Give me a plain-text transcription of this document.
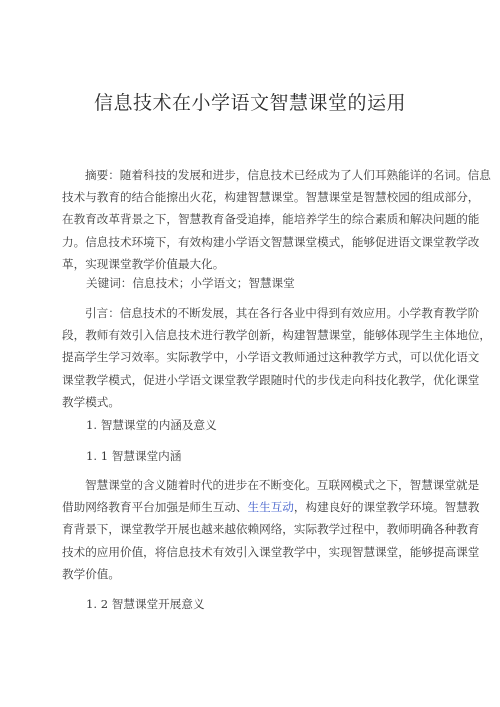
信息技术在小学语文智慧课堂的运用
摘要：随着科技的发展和进步，信息技术已经成为了人们耳熟能详的名词。信息
技术与教育的结合能擦出火花，构建智慧课堂。智慧课堂是智慧校园的组成部分，
在教育改革背景之下，智慧教育备受追捧，能培养学生的综合素质和解决问题的能
力。信息技术环境下，有效构建小学语文智慧课堂模式，能够促进语文课堂教学改
革，实现课堂教学价值最大化。
关键词：信息技术；小学语文；智慧课堂
引言：信息技术的不断发展，其在各行各业中得到有效应用。小学教育教学阶
段，教师有效引入信息技术进行教学创新，构建智慧课堂，能够体现学生主体地位，
提高学生学习效率。实际教学中，小学语文教师通过这种教学方式，可以优化语文
课堂教学模式，促进小学语文课堂教学跟随时代的步伐走向科技化教学，优化课堂
教学模式。
1. 智慧课堂的内涵及意义
1. 1 智慧课堂内涵
智慧课堂的含义随着时代的进步在不断变化。互联网模式之下，智慧课堂就是
借助网络教育平台加强是师生互动、生生互动，构建良好的课堂教学环境。智慧教
育背景下，课堂教学开展也越来越依赖网络，实际教学过程中，教师明确各种教育
技术的应用价值，将信息技术有效引入课堂教学中，实现智慧课堂，能够提高课堂
教学价值。
1. 2 智慧课堂开展意义
